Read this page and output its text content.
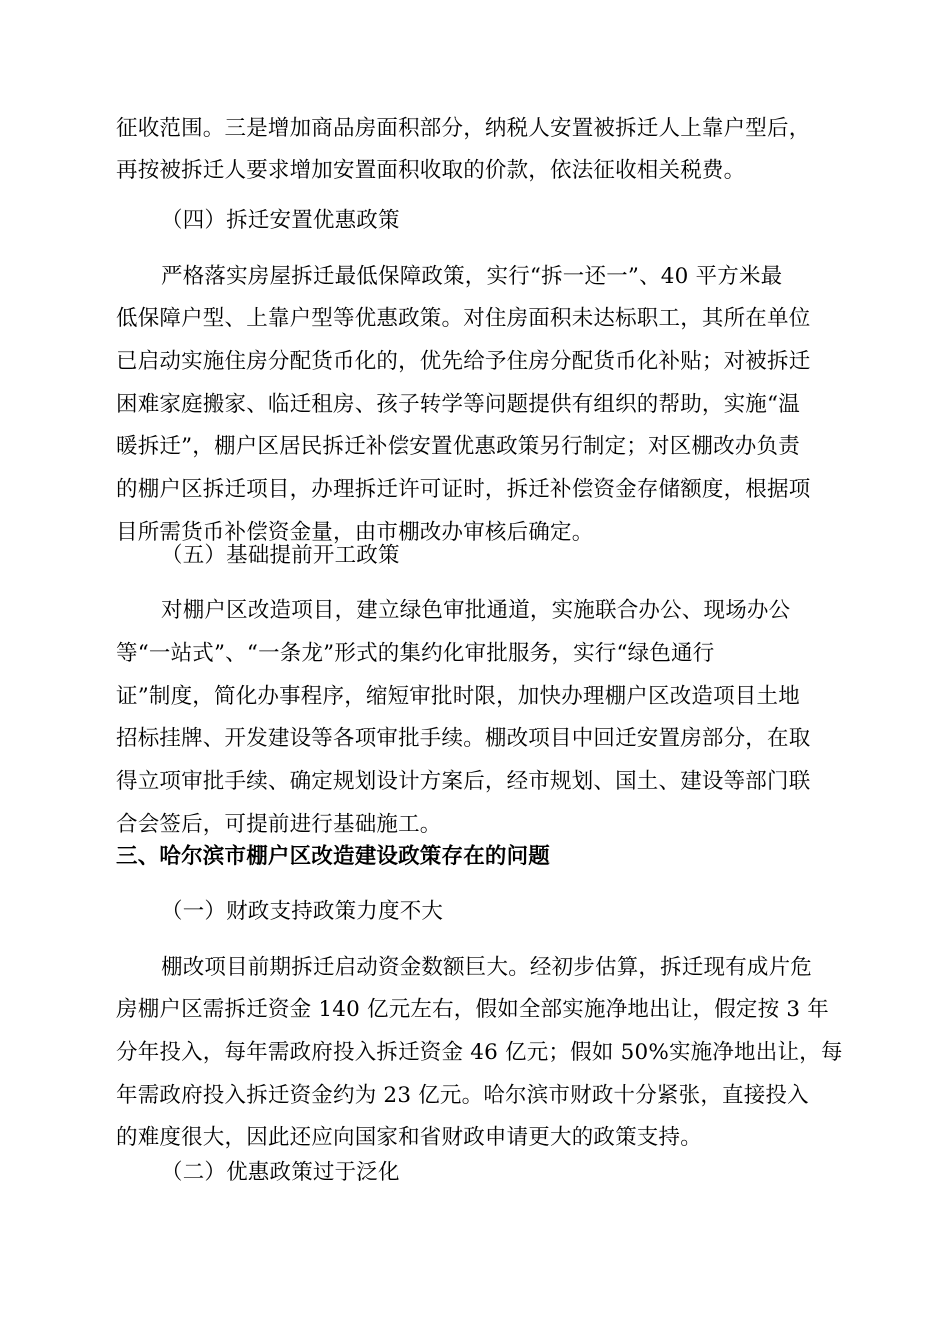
征收范围。三是增加商品房面积部分，纳税人安置被拆迁人上靠户型后，
再按被拆迁人要求增加安置面积收取的价款，依法征收相关税费。
（四）拆迁安置优惠政策
严格落实房屋拆迁最低保障政策，实行“拆一还一”、40 平方米最
低保障户型、上靠户型等优惠政策。对住房面积未达标职工，其所在单位
已启动实施住房分配货币化的，优先给予住房分配货币化补贴；对被拆迁
困难家庭搬家、临迁租房、孩子转学等问题提供有组织的帮助，实施“温
暖拆迁”，棚户区居民拆迁补偿安置优惠政策另行制定；对区棚改办负责
的棚户区拆迁项目，办理拆迁许可证时，拆迁补偿资金存储额度，根据项
目所需货币补偿资金量，由市棚改办审核后确定。
（五）基础提前开工政策
对棚户区改造项目，建立绿色审批通道，实施联合办公、现场办公
等“一站式”、“一条龙”形式的集约化审批服务，实行“绿色通行
证”制度，简化办事程序，缩短审批时限，加快办理棚户区改造项目土地
招标挂牌、开发建设等各项审批手续。棚改项目中回迁安置房部分，在取
得立项审批手续、确定规划设计方案后，经市规划、国土、建设等部门联
合会签后，可提前进行基础施工。
三、哈尔滨市棚户区改造建设政策存在的问题
（一）财政支持政策力度不大
棚改项目前期拆迁启动资金数额巨大。经初步估算，拆迁现有成片危
房棚户区需拆迁资金 140 亿元左右，假如全部实施净地出让，假定按 3 年
分年投入，每年需政府投入拆迁资金 46 亿元；假如 50%实施净地出让，每
年需政府投入拆迁资金约为 23 亿元。哈尔滨市财政十分紧张，直接投入
的难度很大，因此还应向国家和省财政申请更大的政策支持。
（二）优惠政策过于泛化
